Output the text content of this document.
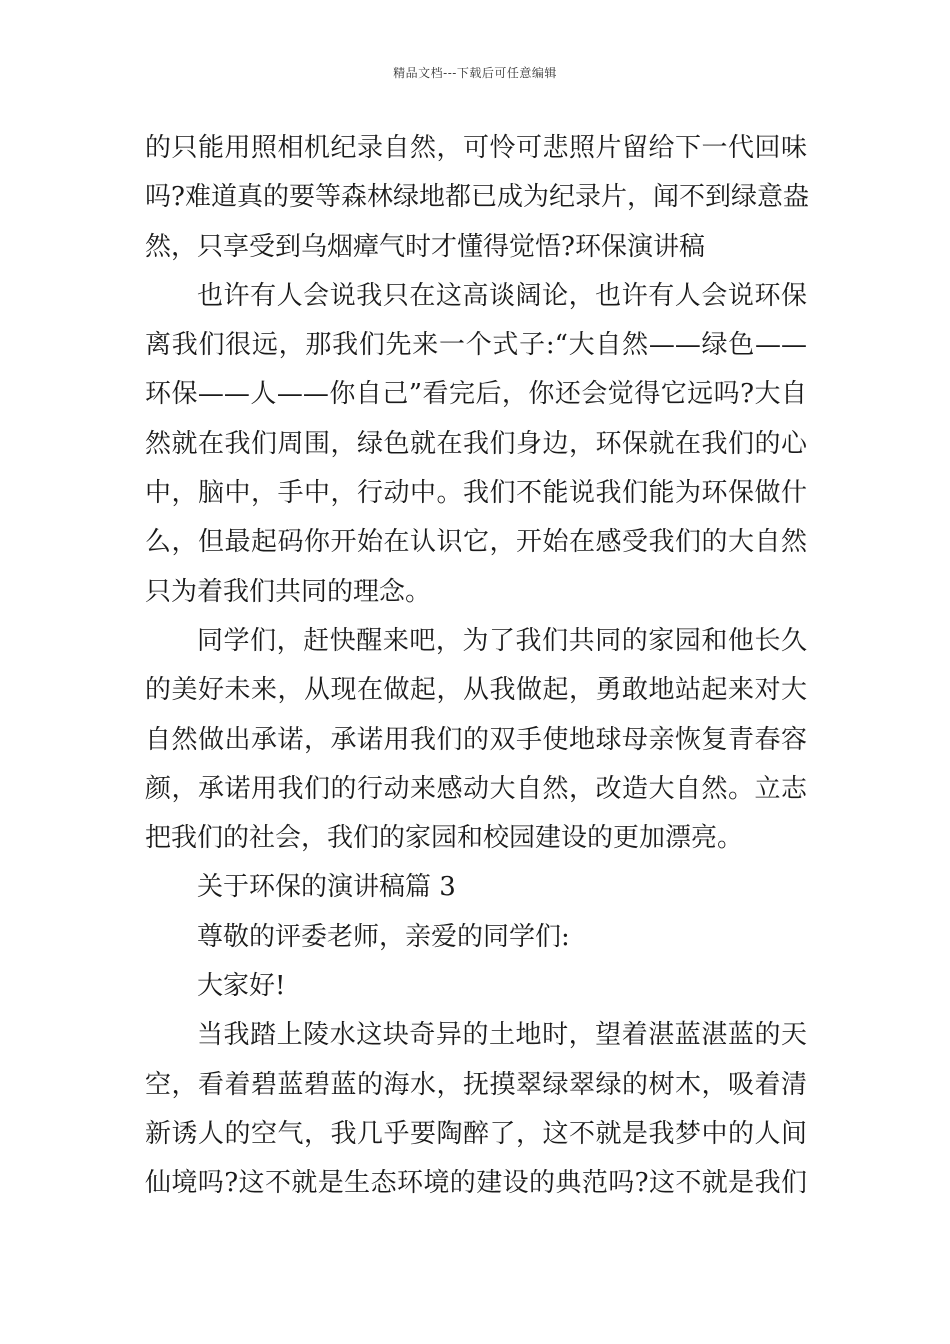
精品文档---下载后可任意编辑
的只能用照相机纪录自然，可怜可悲照片留给下一代回味
吗?难道真的要等森林绿地都已成为纪录片，闻不到绿意盎
然，只享受到乌烟瘴气时才懂得觉悟?环保演讲稿
也许有人会说我只在这高谈阔论，也许有人会说环保
离我们很远，那我们先来一个式子:“大自然——绿色——
环保——人——你自己”看完后，你还会觉得它远吗?大自
然就在我们周围，绿色就在我们身边，环保就在我们的心
中，脑中，手中，行动中。我们不能说我们能为环保做什
么，但最起码你开始在认识它，开始在感受我们的大自然
只为着我们共同的理念。
同学们，赶快醒来吧，为了我们共同的家园和他长久
的美好未来，从现在做起，从我做起，勇敢地站起来对大
自然做出承诺，承诺用我们的双手使地球母亲恢复青春容
颜，承诺用我们的行动来感动大自然，改造大自然。立志
把我们的社会，我们的家园和校园建设的更加漂亮。
关于环保的演讲稿篇 3
尊敬的评委老师，亲爱的同学们:
大家好!
当我踏上陵水这块奇异的土地时，望着湛蓝湛蓝的天
空，看着碧蓝碧蓝的海水，抚摸翠绿翠绿的树木，吸着清
新诱人的空气，我几乎要陶醉了，这不就是我梦中的人间
仙境吗?这不就是生态环境的建设的典范吗?这不就是我们
